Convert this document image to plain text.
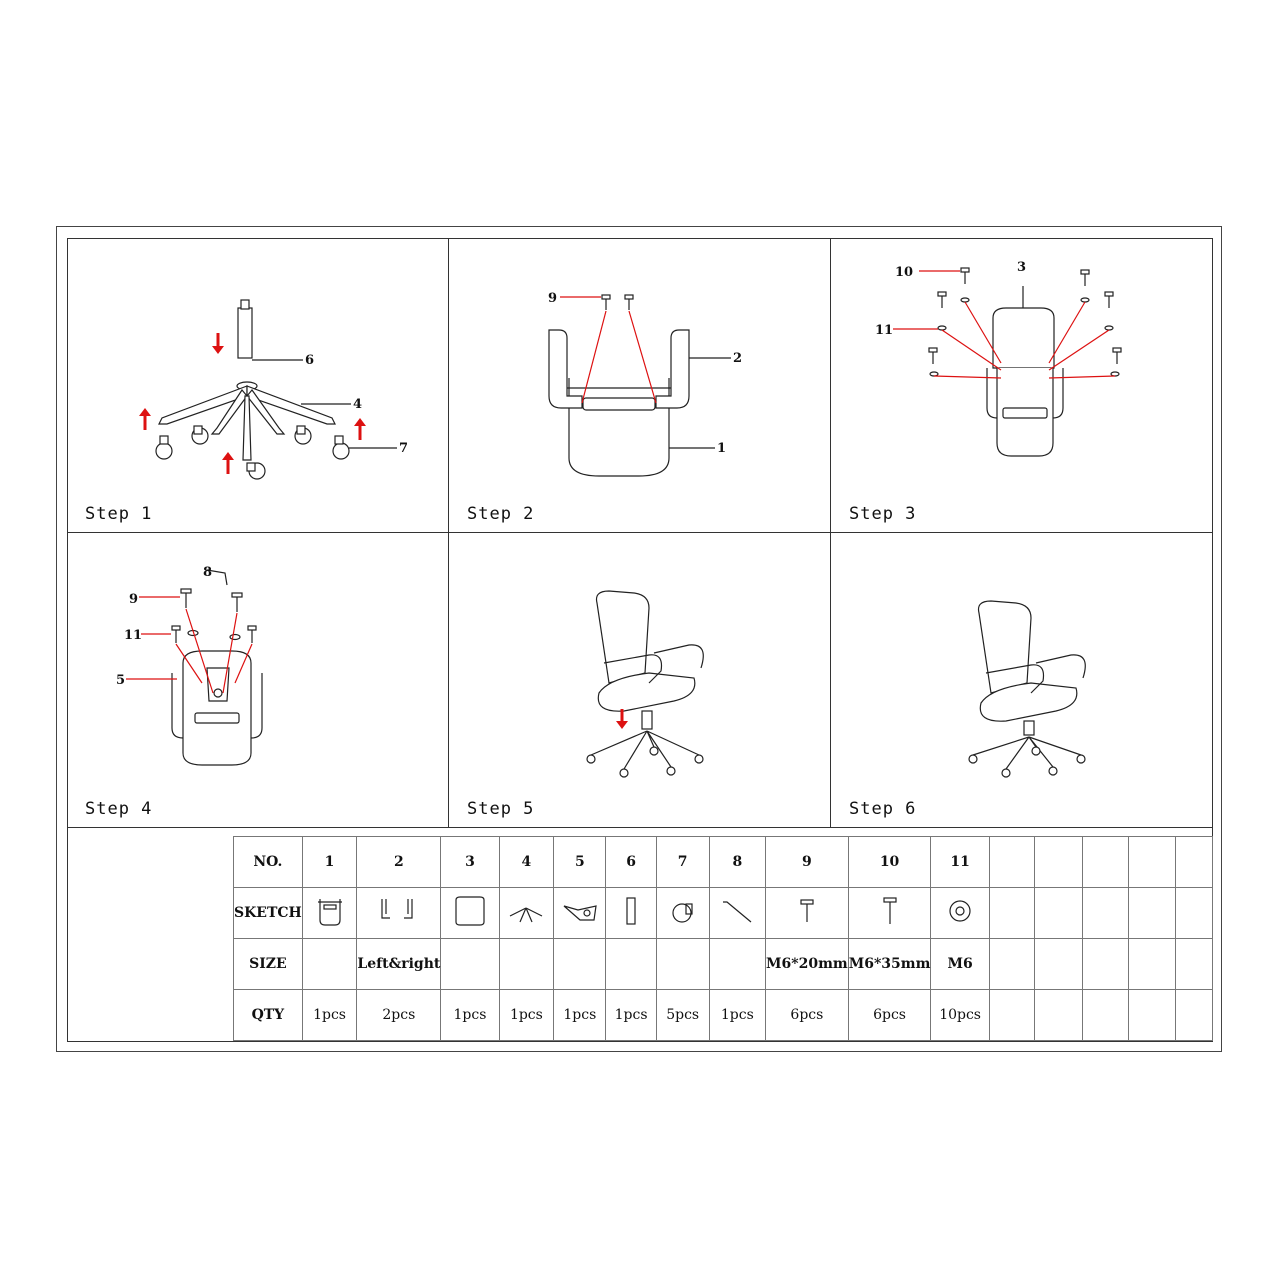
6
4
7
Step 1
9
2
1
Step 2
3
10
11
Step 3
8
9
11
5
Step 4	Step 5	Step 6
NO.	1	2	3	4	5	6	7	8	9	10	11					
SKETCH																
SIZE		Left&right							M6*20mm	M6*35mm	M6					
QTY	1pcs	2pcs	1pcs	1pcs	1pcs	1pcs	5pcs	1pcs	6pcs	6pcs	10pcs					
